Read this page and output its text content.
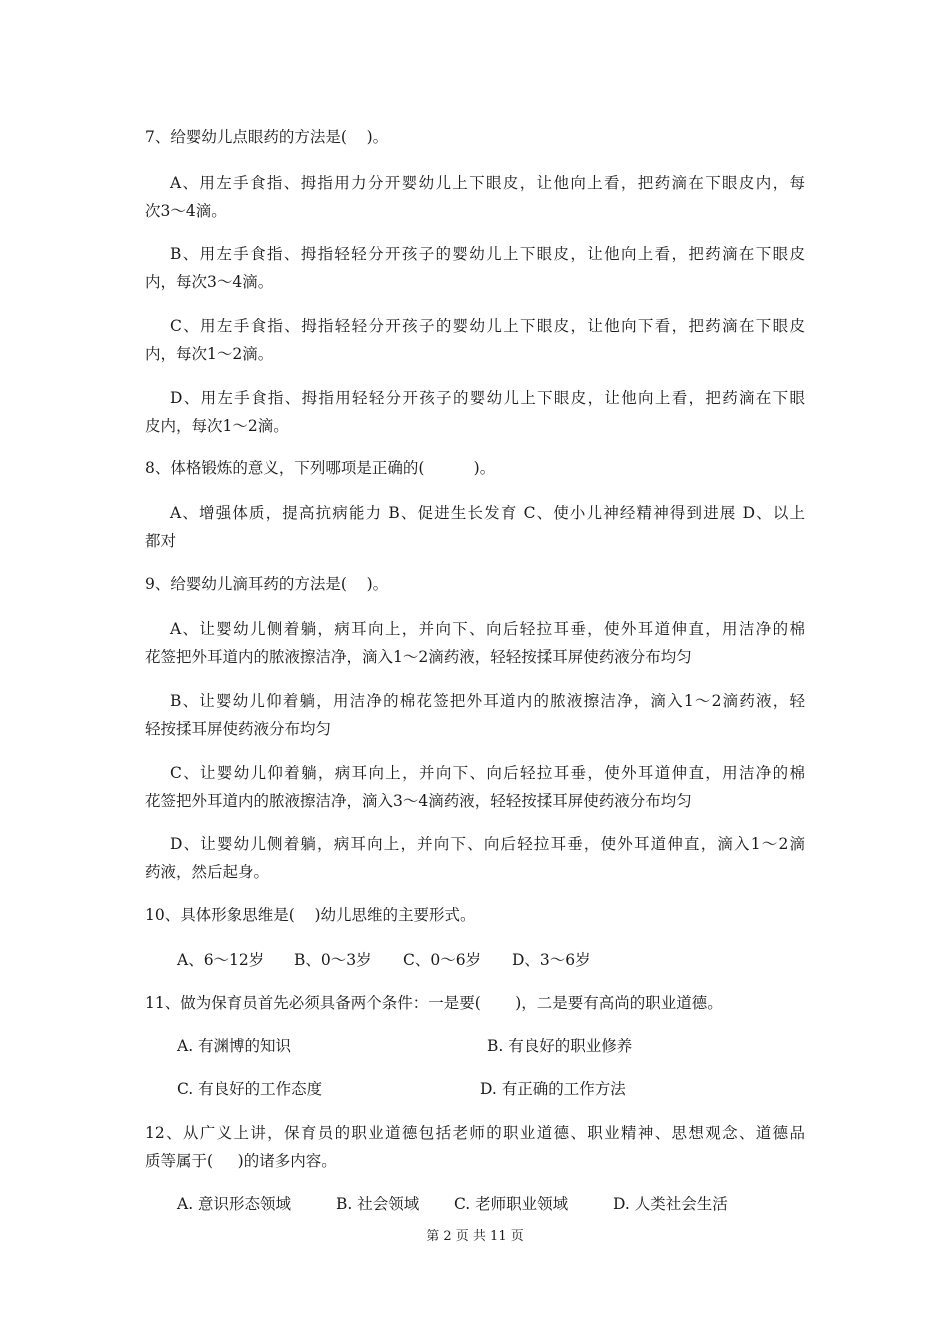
7、给婴幼儿点眼药的方法是(    )。
A、用左手食指、拇指用力分开婴幼儿上下眼皮，让他向上看，把药滴在下眼皮内，每
次3～4滴。
B、用左手食指、拇指轻轻分开孩子的婴幼儿上下眼皮，让他向上看，把药滴在下眼皮
内，每次3～4滴。
C、用左手食指、拇指轻轻分开孩子的婴幼儿上下眼皮，让他向下看，把药滴在下眼皮
内，每次1～2滴。
D、用左手食指、拇指用轻轻分开孩子的婴幼儿上下眼皮，让他向上看，把药滴在下眼
皮内，每次1～2滴。
8、体格锻炼的意义，下列哪项是正确的(          )。
A、增强体质，提高抗病能力 B、促进生长发育 C、使小儿神经精神得到进展 D、以上
都对
9、给婴幼儿滴耳药的方法是(    )。
A、让婴幼儿侧着躺，病耳向上，并向下、向后轻拉耳垂，使外耳道伸直，用洁净的棉
花签把外耳道内的脓液擦洁净，滴入1～2滴药液，轻轻按揉耳屏使药液分布均匀
B、让婴幼儿仰着躺，用洁净的棉花签把外耳道内的脓液擦洁净，滴入1～2滴药液，轻
轻按揉耳屏使药液分布均匀
C、让婴幼儿仰着躺，病耳向上，并向下、向后轻拉耳垂，使外耳道伸直，用洁净的棉
花签把外耳道内的脓液擦洁净，滴入3～4滴药液，轻轻按揉耳屏使药液分布均匀
D、让婴幼儿侧着躺，病耳向上，并向下、向后轻拉耳垂，使外耳道伸直，滴入1～2滴
药液，然后起身。
10、具体形象思维是(    )幼儿思维的主要形式。
A、6～12岁 B、0～3岁 C、0～6岁 D、3～6岁
11、做为保育员首先必须具备两个条件：一是要(       )，二是要有高尚的职业道德。
A. 有渊博的知识	B. 有良好的职业修养
C. 有良好的工作态度	D. 有正确的工作方法
12、从广义上讲，保育员的职业道德包括老师的职业道德、职业精神、思想观念、道德品
质等属于(     )的诸多内容。
A. 意识形态领域	B. 社会领域 C. 老师职业领域	D. 人类社会生活
第 2 页 共 11 页
